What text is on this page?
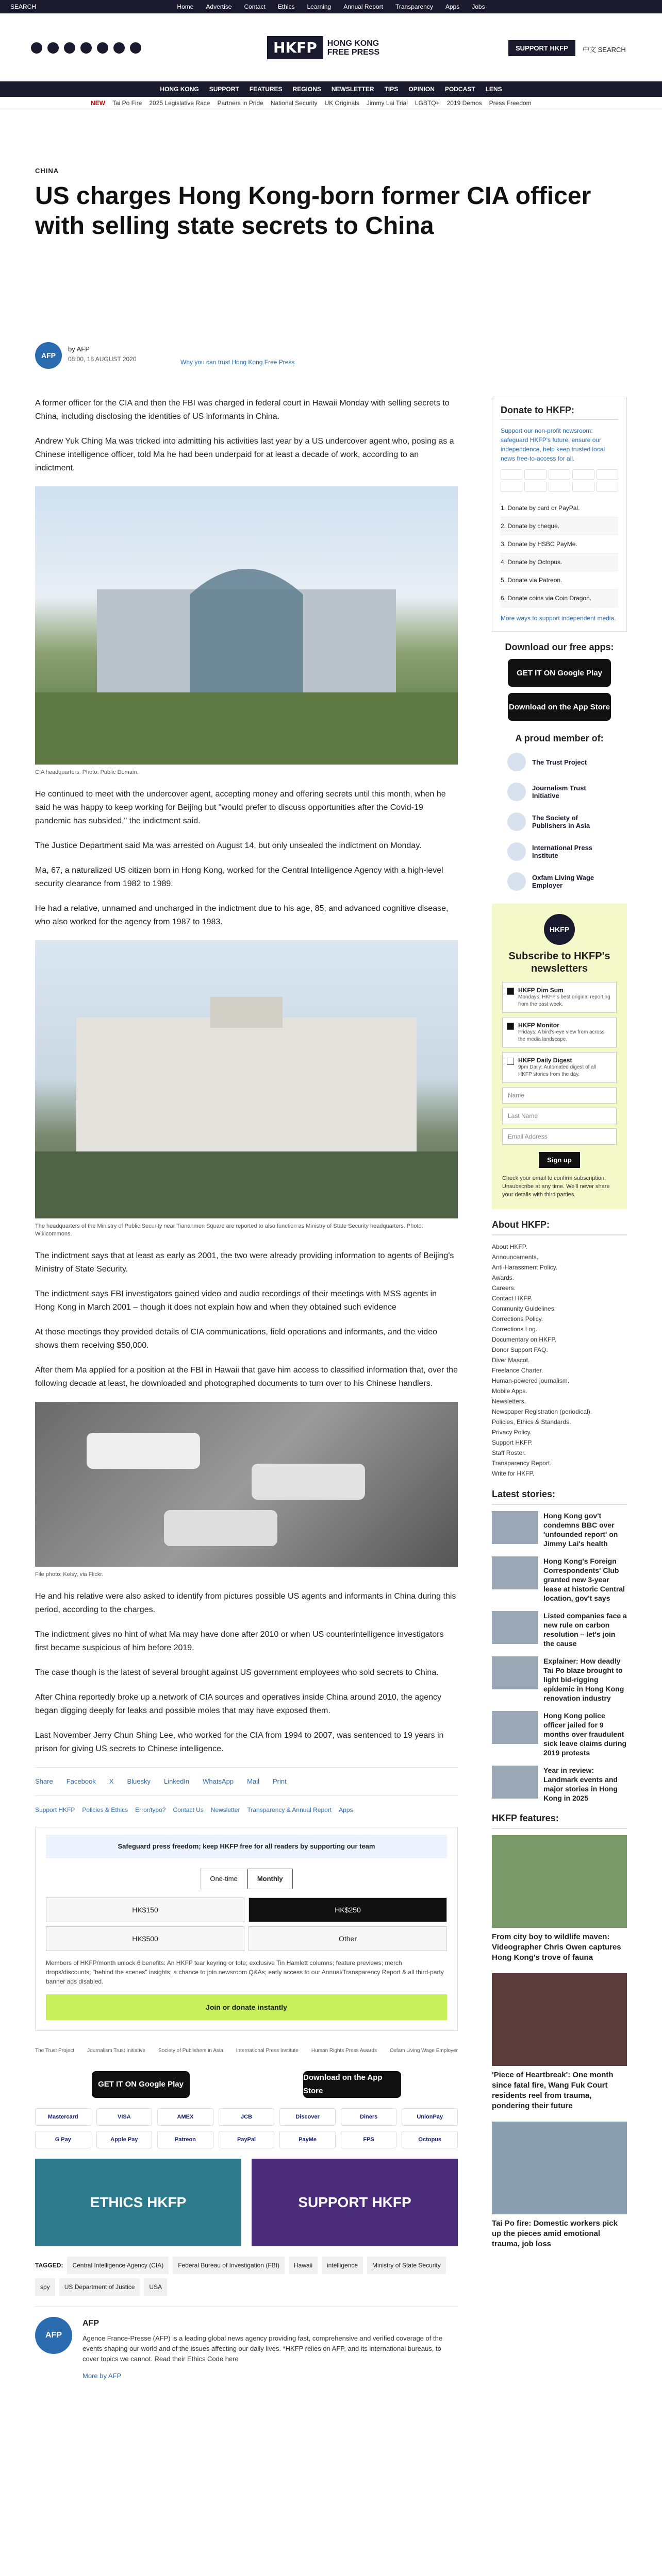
SEARCH	Home Advertise Contact Ethics Learning Annual Report Transparency Apps Jobs
HKFP	HONG KONG
FREE PRESS	SUPPORT HKFP	中文 SEARCH
HONG KONG SUPPORT FEATURES REGIONS NEWSLETTER TIPS OPINION PODCAST LENS
NEW Tai Po Fire 2025 Legislative Race Partners in Pride National Security UK Originals Jimmy Lai Trial LGBTQ+ 2019 Demos Press Freedom
CHINA
US charges Hong Kong-born former CIA officer with selling state secrets to China
AFP
by AFP
08:00, 18 AUGUST 2020	Why you can trust Hong Kong Free Press

A former officer for the CIA and then the FBI was charged in federal court in Hawaii Monday with selling secrets to China, including disclosing the identities of US informants in China.

Andrew Yuk Ching Ma was tricked into admitting his activities last year by a US undercover agent who, posing as a Chinese intelligence officer, told Ma he had been underpaid for at least a decade of work, according to an indictment.

CIA headquarters. Photo: Public Domain.

He continued to meet with the undercover agent, accepting money and offering secrets until this month, when he said he was happy to keep working for Beijing but "would prefer to discuss opportunities after the Covid-19 pandemic has subsided," the indictment said.

The Justice Department said Ma was arrested on August 14, but only unsealed the indictment on Monday.

Ma, 67, a naturalized US citizen born in Hong Kong, worked for the Central Intelligence Agency with a high-level security clearance from 1982 to 1989.

He had a relative, unnamed and uncharged in the indictment due to his age, 85, and advanced cognitive disease, who also worked for the agency from 1987 to 1983.

The headquarters of the Ministry of Public Security near Tiananmen Square are reported to also function as Ministry of State Security headquarters. Photo: Wikicommons.

The indictment says that at least as early as 2001, the two were already providing information to agents of Beijing's Ministry of State Security.

The indictment says FBI investigators gained video and audio recordings of their meetings with MSS agents in Hong Kong in March 2001 – though it does not explain how and when they obtained such evidence

At those meetings they provided details of CIA communications, field operations and informants, and the video shows them receiving $50,000.

After them Ma applied for a position at the FBI in Hawaii that gave him access to classified information that, over the following decade at least, he downloaded and photographed documents to turn over to his Chinese handlers.

File photo: Kelsy, via Flickr.

He and his relative were also asked to identify from pictures possible US agents and informants in China during this period, according to the charges.

The indictment gives no hint of what Ma may have done after 2010 or when US counterintelligence investigators first became suspicious of him before 2019.

The case though is the latest of several brought against US government employees who sold secrets to China.

After China reportedly broke up a network of CIA sources and operatives inside China around 2010, the agency began digging deeply for leaks and possible moles that may have exposed them.

Last November Jerry Chun Shing Lee, who worked for the CIA from 1994 to 2007, was sentenced to 19 years in prison for giving US secrets to Chinese intelligence.

Share Facebook X Bluesky LinkedIn WhatsApp Mail Print
Support HKFP Policies & Ethics Error/typo? Contact Us Newsletter Transparency & Annual Report Apps
Safeguard press freedom; keep HKFP free for all readers by supporting our team
One-time	Monthly
HK$150	HK$250
HK$500	Other
Members of HKFP/month unlock 6 benefits: An HKFP tear keyring or tote; exclusive Tin Hamlett columns; feature previews; merch drops/discounts; "behind the scenes" insights; a chance to join newsroom Q&As; early access to our Annual/Transparency Report & all third-party banner ads disabled.
Join or donate instantly
The Trust Project	Journalism Trust Initiative	Society of Publishers in Asia	International Press Institute	Human Rights Press Awards	Oxfam Living Wage Employer
GET IT ON Google Play
Download on the App Store
Mastercard	VISA	AMEX	JCB	Discover	Diners	UnionPay
G Pay	Apple Pay	Patreon	PayPal	PayMe	FPS	Octopus
ETHICS HKFP	SUPPORT HKFP
TAGGED:	Central Intelligence Agency (CIA)	Federal Bureau of Investigation (FBI)	Hawaii	intelligence	Ministry of State Security
spy	US Department of Justice	USA
AFP
AFP
Agence France-Presse (AFP) is a leading global news agency providing fast, comprehensive and verified coverage of the events shaping our world and of the issues affecting our daily lives. *HKFP relies on AFP, and its international bureaus, to cover topics we cannot. Read their Ethics Code here
More by AFP
Donate to HKFP:
Support our non-profit newsroom: safeguard HKFP's future, ensure our independence, help keep trusted local news free-to-access for all.
1. Donate by card or PayPal.
2. Donate by cheque.
3. Donate by HSBC PayMe.
4. Donate by Octopus.
5. Donate via Patreon.
6. Donate coins via Coin Dragon.
More ways to support independent media.
Download our free apps:
GET IT ON Google Play
Download on the App Store
A proud member of:
The Trust Project
Journalism Trust Initiative
The Society of Publishers in Asia
International Press Institute
Oxfam Living Wage Employer
HKFP
Subscribe to HKFP's newsletters
HKFP Dim Sum
Mondays: HKFP's best original reporting from the past week.
HKFP Monitor
Fridays: A bird's-eye view from across the media landscape.
HKFP Daily Digest
9pm Daily: Automated digest of all HKFP stories from the day.
Name
Last Name
Email Address
Sign up
Check your email to confirm subscription. Unsubscribe at any time. We'll never share your details with third parties.
About HKFP:
About HKFP.
Announcements.
Anti-Harassment Policy.
Awards.
Careers.
Contact HKFP.
Community Guidelines.
Corrections Policy.
Corrections Log.
Documentary on HKFP.
Donor Support FAQ.
Diver Mascot.
Freelance Charter.
Human-powered journalism.
Mobile Apps.
Newsletters.
Newspaper Registration (periodical).
Policies, Ethics & Standards.
Privacy Policy.
Support HKFP.
Staff Roster.
Transparency Report.
Write for HKFP.
Latest stories:
Hong Kong gov't condemns BBC over 'unfounded report' on Jimmy Lai's health
Hong Kong's Foreign Correspondents' Club granted new 3-year lease at historic Central location, gov't says
Listed companies face a new rule on carbon resolution – let's join the cause
Explainer: How deadly Tai Po blaze brought to light bid-rigging epidemic in Hong Kong renovation industry
Hong Kong police officer jailed for 9 months over fraudulent sick leave claims during 2019 protests
Year in review: Landmark events and major stories in Hong Kong in 2025
HKFP features:
From city boy to wildlife maven: Videographer Chris Owen captures Hong Kong's trove of fauna
'Piece of Heartbreak': One month since fatal fire, Wang Fuk Court residents reel from trauma, pondering their future
Tai Po fire: Domestic workers pick up the pieces amid emotional trauma, job loss
